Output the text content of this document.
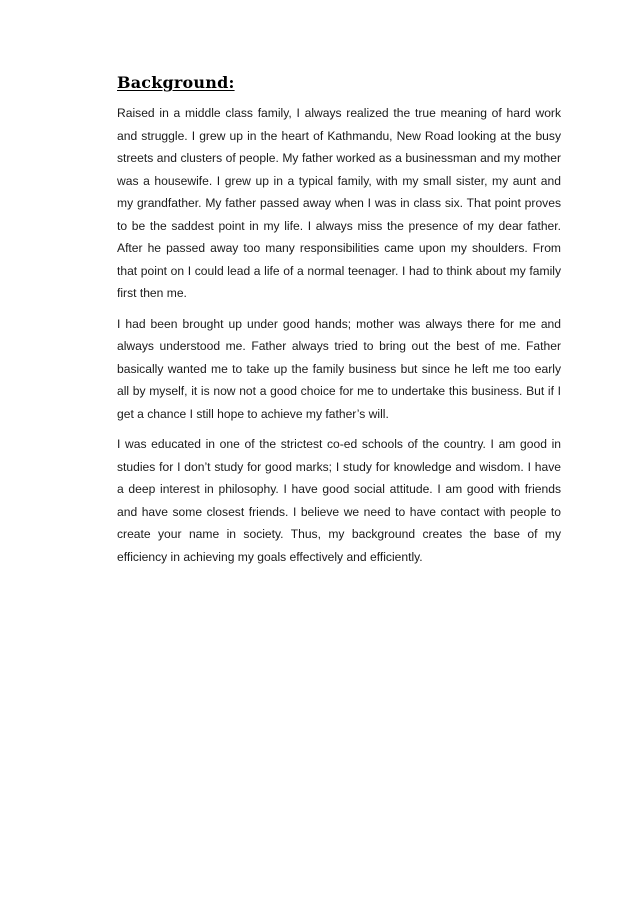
Background:

Raised in a middle class family, I always realized the true meaning of hard work and struggle. I grew up in the heart of Kathmandu, New Road looking at the busy streets and clusters of people. My father worked as a businessman and my mother was a housewife. I grew up in a typical family, with my small sister, my aunt and my grandfather. My father passed away when I was in class six. That point proves to be the saddest point in my life. I always miss the presence of my dear father. After he passed away too many responsibilities came upon my shoulders. From that point on I could lead a life of a normal teenager. I had to think about my family first then me.

I had been brought up under good hands; mother was always there for me and always understood me. Father always tried to bring out the best of me. Father basically wanted me to take up the family business but since he left me too early all by myself, it is now not a good choice for me to undertake this business. But if I get a chance I still hope to achieve my father’s will.

I was educated in one of the strictest co-ed schools of the country. I am good in studies for I don’t study for good marks; I study for knowledge and wisdom. I have a deep interest in philosophy. I have good social attitude. I am good with friends and have some closest friends. I believe we need to have contact with people to create your name in society. Thus, my background creates the base of my efficiency in achieving my goals effectively and efficiently.
